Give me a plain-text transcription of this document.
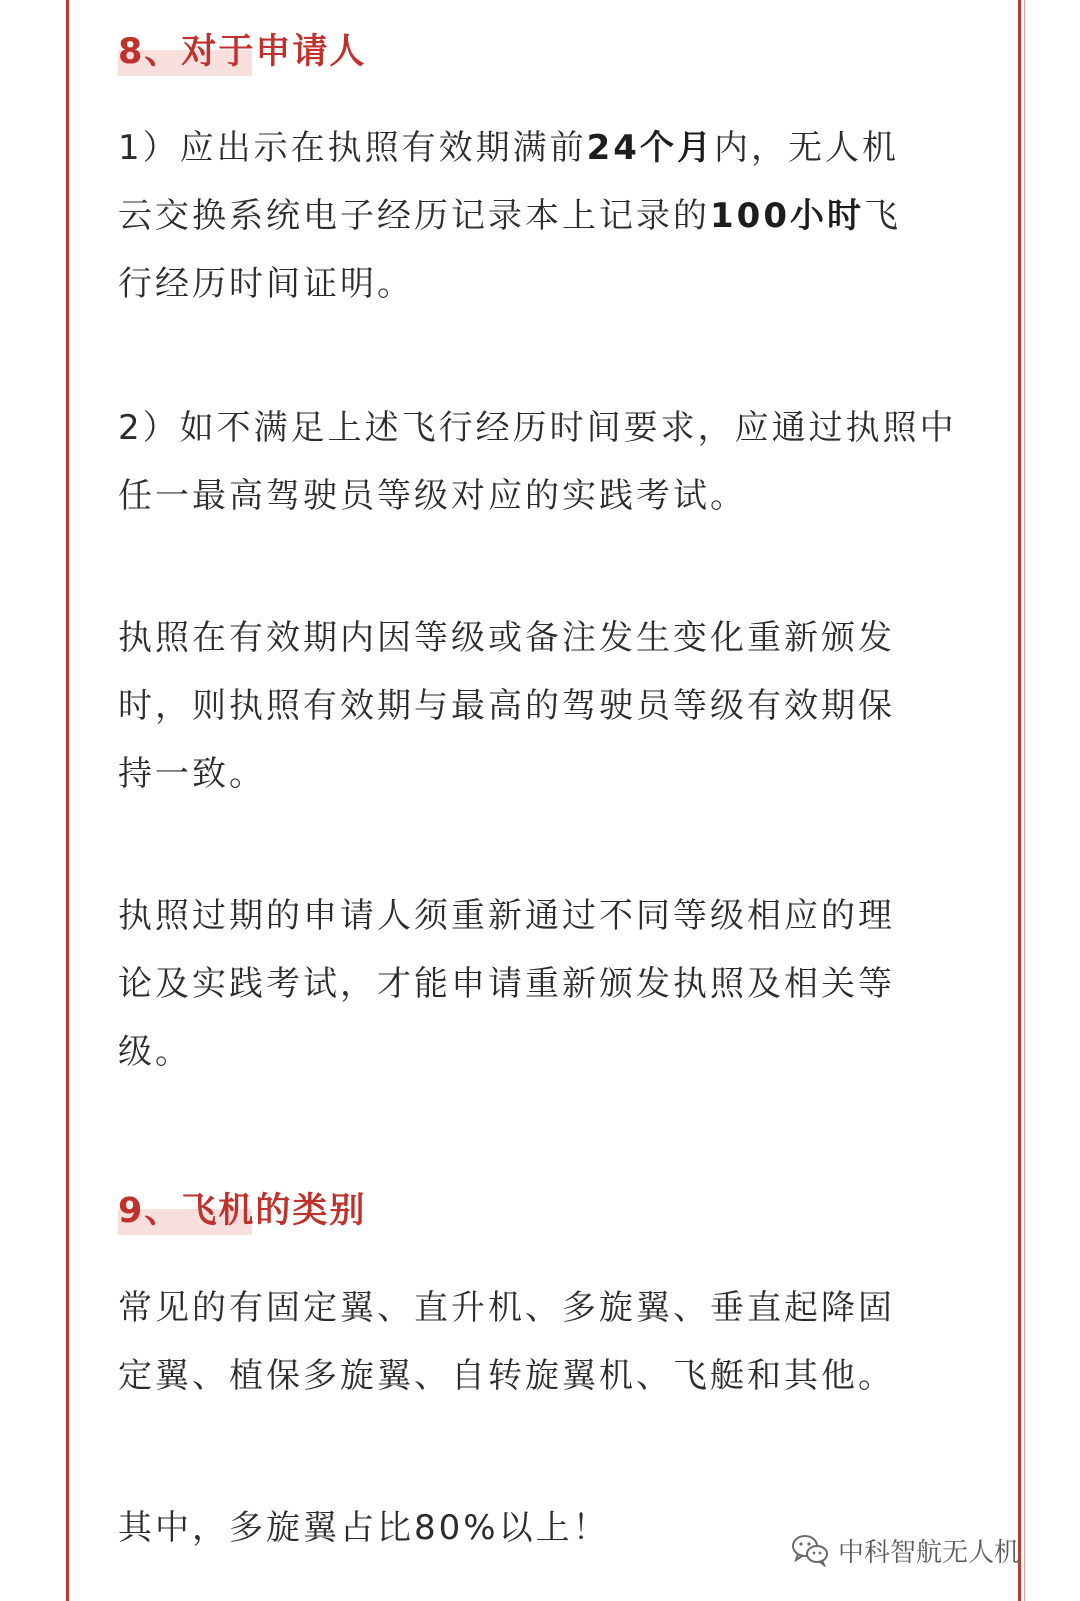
8、对于申请人
1）应出示在执照有效期满前24个月内，无人机云交换系统电子经历记录本上记录的100小时飞行经历时间证明。
2）如不满足上述飞行经历时间要求，应通过执照中任一最高驾驶员等级对应的实践考试。
执照在有效期内因等级或备注发生变化重新颁发时，则执照有效期与最高的驾驶员等级有效期保持一致。
执照过期的申请人须重新通过不同等级相应的理论及实践考试，才能申请重新颁发执照及相关等级。
9、飞机的类别
常见的有固定翼、直升机、多旋翼、垂直起降固定翼、植保多旋翼、自转旋翼机、飞艇和其他。
其中，多旋翼占比80%以上！
中科智航无人机
